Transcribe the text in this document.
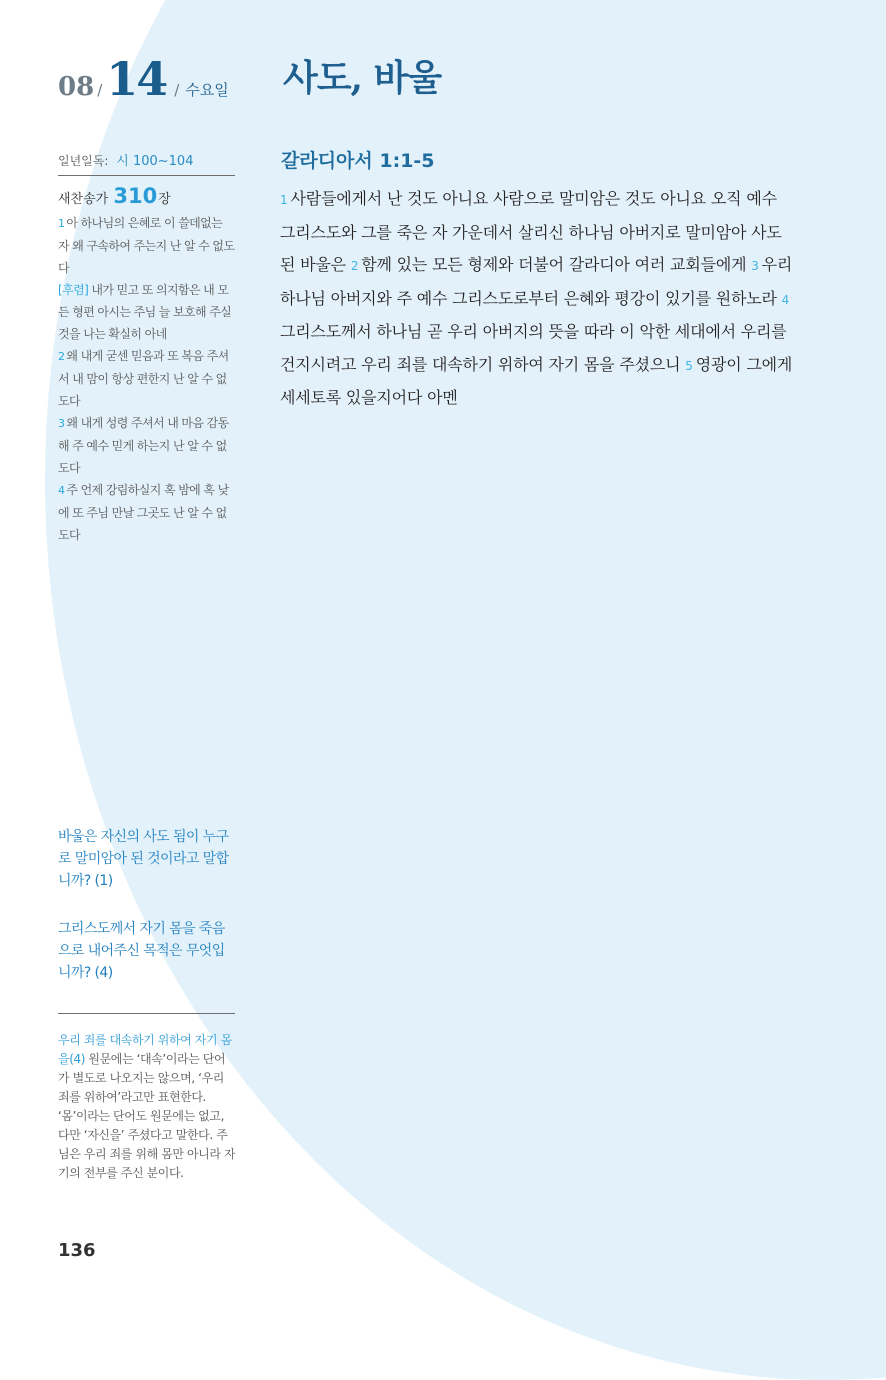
08 / 14 / 수요일 사도, 바울
일년일독: 시 100~104
새찬송가 310장

1 아 하나님의 은혜로 이 쓸데없는 자 왜 구속하여 주는지 난 알 수 없도다

[후렴] 내가 믿고 또 의지함은 내 모든 형편 아시는 주님 늘 보호해 주실 것을 나는 확실히 아네

2 왜 내게 굳센 믿음과 또 복음 주셔서 내 맘이 항상 편한지 난 알 수 없도다

3 왜 내게 성령 주셔서 내 마음 감동해 주 예수 믿게 하는지 난 알 수 없도다

4 주 언제 강림하실지 혹 밤에 혹 낮에 또 주님 만날 그곳도 난 알 수 없도다

바울은 자신의 사도 됨이 누구로 말미암아 된 것이라고 말합니까? (1)
그리스도께서 자기 몸을 죽음으로 내어주신 목적은 무엇입니까? (4)
우리 죄를 대속하기 위하여 자기 몸을(4) 원문에는 ‘대속’이라는 단어가 별도로 나오지는 않으며, ‘우리 죄를 위하여’라고만 표현한다. ‘몸’이라는 단어도 원문에는 없고, 다만 ‘자신을’ 주셨다고 말한다. 주님은 우리 죄를 위해 몸만 아니라 자기의 전부를 주신 분이다.
136
갈라디아서 1:1-5
1 사람들에게서 난 것도 아니요 사람으로 말미암은 것도 아니요 오직 예수 그리스도와 그를 죽은 자 가운데서 살리신 하나님 아버지로 말미암아 사도 된 바울은 2 함께 있는 모든 형제와 더불어 갈라디아 여러 교회들에게 3 우리 하나님 아버지와 주 예수 그리스도로부터 은혜와 평강이 있기를 원하노라 4그리스도께서 하나님 곧 우리 아버지의 뜻을 따라 이 악한 세대에서 우리를 건지시려고 우리 죄를 대속하기 위하여 자기 몸을 주셨으니 5 영광이 그에게 세세토록 있을지어다 아멘
